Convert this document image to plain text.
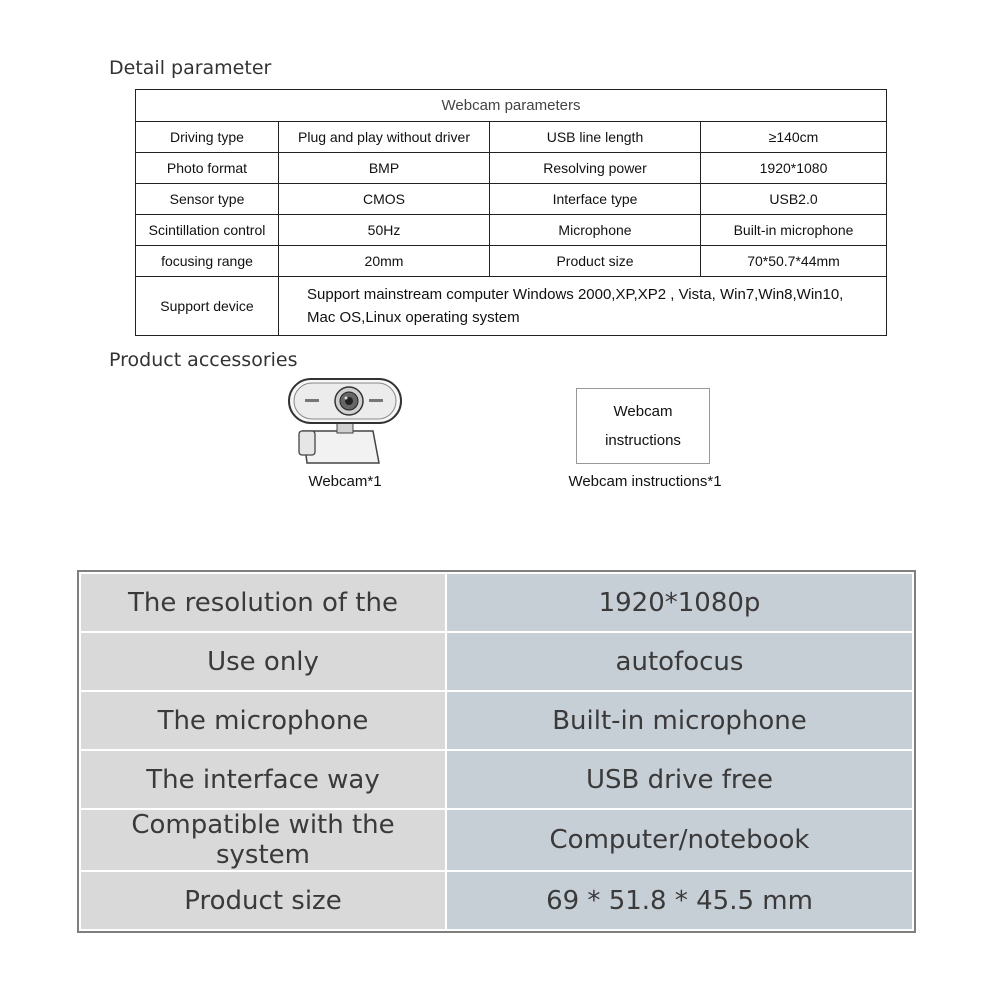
Detail parameter
Webcam parameters			
Driving type	Plug and play without driver	USB line length	≥140cm
Photo format	BMP	Resolving power	1920*1080
Sensor type	CMOS	Interface type	USB2.0
Scintillation control	50Hz	Microphone	Built-in microphone
focusing range	20mm	Product size	70*50.7*44mm
Support device	Support mainstream computer Windows 2000,XP,XP2 , Vista, Win7,Win8,Win10,
Mac OS,Linux operating system		
Product accessories
Webcam*1
Webcam
instructions
Webcam instructions*1
The resolution of the	1920*1080p
Use only	autofocus
The microphone	Built-in microphone
The interface way	USB drive free
Compatible with the system	Computer/notebook
Product size	69 * 51.8 * 45.5 mm
